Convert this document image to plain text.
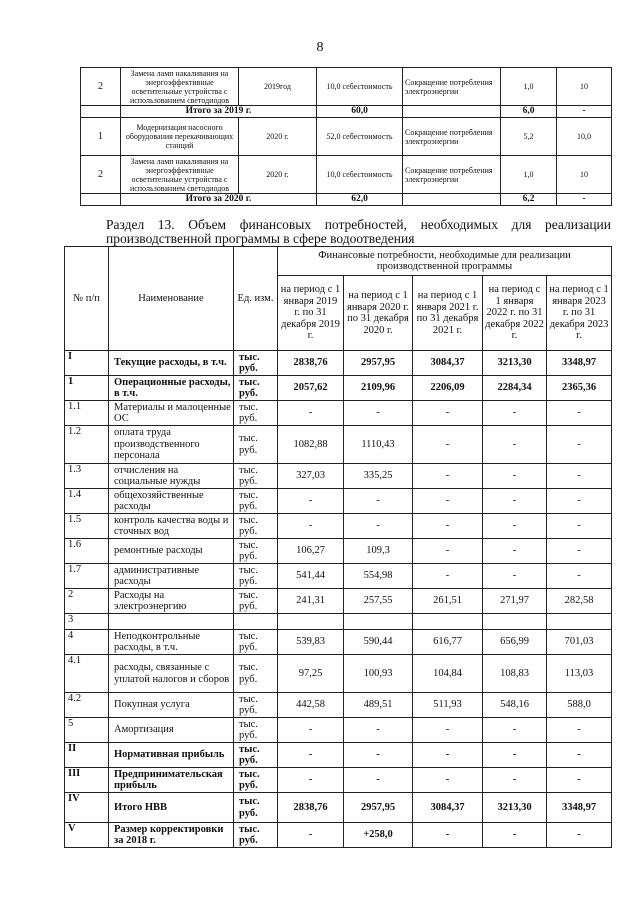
8
2	Замена ламп накаливания на энергоэффективные осветительные устройства с использованием светодиодов	2019год	10,0 себестоимость	Сокращение потребления электроэнергии	1,0	10
	Итого за 2019 г.		60,0		6,0	-
1	Модернизация насосного оборудования перекачивающих станций	2020 г.	52,0 себестоимость	Сокращение потребления электроэнергии	5,2	10,0
2	Замена ламп накаливания на энергоэффективные осветительные устройства с использованием светодиодов	2020 г.	10,0 себестоимость	Сокращение потребления электроэнергии	1,0	10
	Итого за 2020 г.		62,0		6,2	-
Раздел 13. Объем финансовых потребностей, необходимых для реализации
производственной программы в сфере водоотведения
№ п/п	Наименование	Ед. изм.	Финансовые потребности, необходимые для реализации производственной программы				
			на период с 1 января 2019 г. по 31 декабря 2019 г.	на период с 1 января 2020 г. по 31 декабря 2020 г.	на период с 1 января 2021 г. по 31 декабря 2021 г.	на период с 1 января 2022 г. по 31 декабря 2022 г.	на период с 1 января 2023 г. по 31 декабря 2023 г.
I	Текущие расходы, в т.ч.	тыс. руб.	2838,76	2957,95	3084,37	3213,30	3348,97
1	Операционные расходы, в т.ч.	тыс. руб.	2057,62	2109,96	2206,09	2284,34	2365,36
1.1	Материалы и малоценные ОС	тыс. руб.	-	-	-	-	-
1.2	оплата труда производственного персонала	тыс. руб.	1082,88	1110,43	-	-	-
1.3	отчисления на социальные нужды	тыс. руб.	327,03	335,25	-	-	-
1.4	общехозяйственные расходы	тыс. руб.	-	-	-	-	-
1.5	контроль качества воды и сточных вод	тыс. руб.	-	-	-	-	-
1.6	ремонтные расходы	тыс. руб.	106,27	109,3	-	-	-
1.7	административные расходы	тыс. руб.	541,44	554,98	-	-	-
2	Расходы на электроэнергию	тыс. руб.	241,31	257,55	261,51	271,97	282,58
3							
4	Неподконтрольные расходы, в т.ч.	тыс. руб.	539,83	590,44	616,77	656,99	701,03
4.1	расходы, связанные с уплатой налогов и сборов	тыс. руб.	97,25	100,93	104,84	108,83	113,03
4.2	Покупная услуга	тыс. руб.	442,58	489,51	511,93	548,16	588,0
5	Амортизация	тыс. руб.	-	-	-	-	-
II	Нормативная прибыль	тыс. руб.	-	-	-	-	-
III	Предпринимательская прибыль	тыс. руб.	-	-	-	-	-
IV	Итого НВВ	тыс. руб.	2838,76	2957,95	3084,37	3213,30	3348,97
V	Размер корректировки за 2018 г.	тыс. руб.	-	+258,0	-	-	-
